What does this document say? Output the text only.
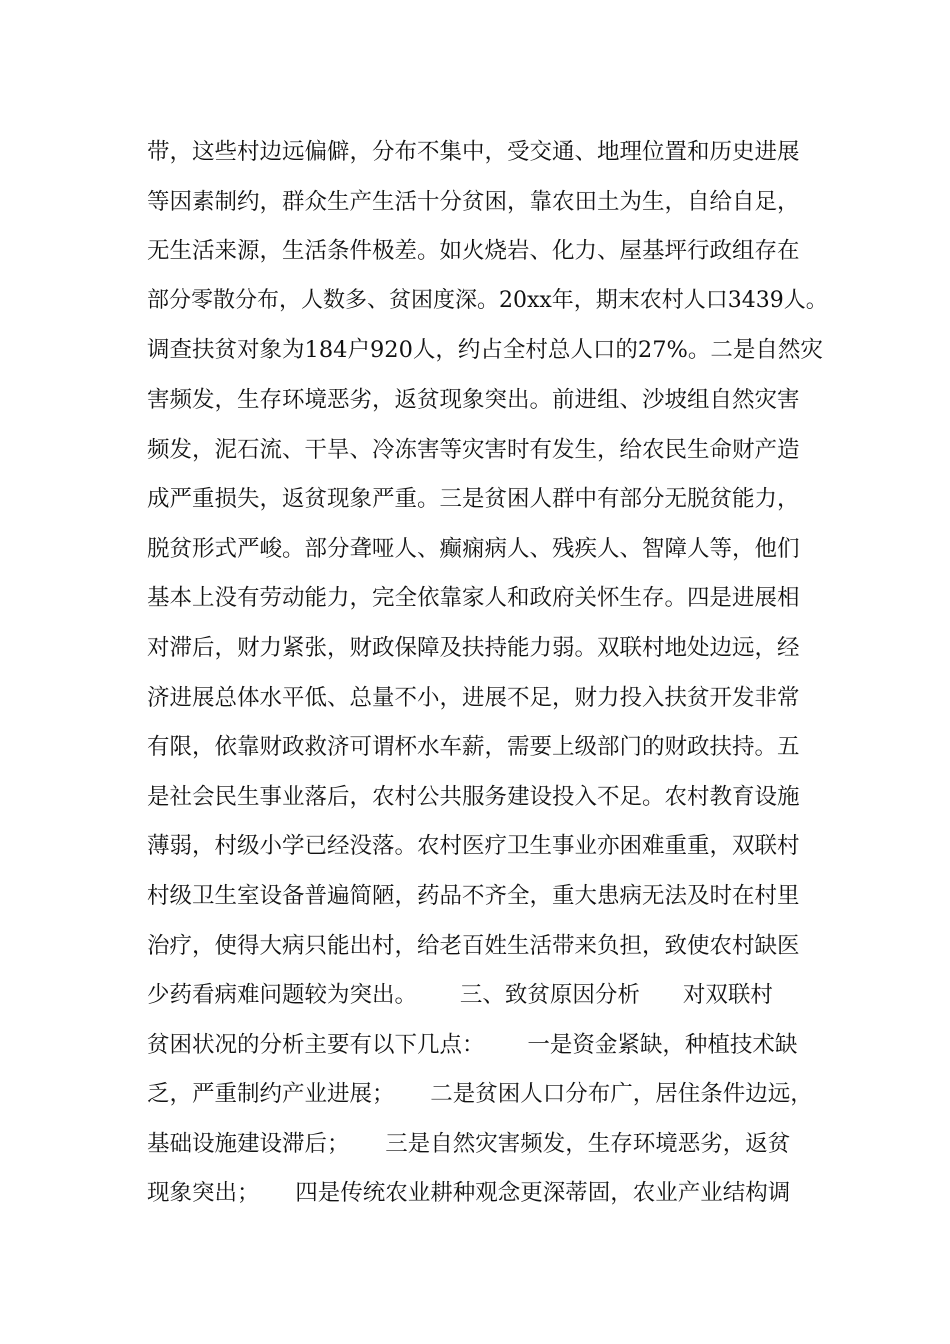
带，这些村边远偏僻，分布不集中，受交通、地理位置和历史进展
等因素制约，群众生产生活十分贫困，靠农田土为生，自给自足，
无生活来源，生活条件极差。如火烧岩、化力、屋基坪行政组存在
部分零散分布，人数多、贫困度深。20xx年，期末农村人口3439人。
调查扶贫对象为184户920人，约占全村总人口的27%。二是自然灾
害频发，生存环境恶劣，返贫现象突出。前进组、沙坡组自然灾害
频发，泥石流、干旱、冷冻害等灾害时有发生，给农民生命财产造
成严重损失，返贫现象严重。三是贫困人群中有部分无脱贫能力，
脱贫形式严峻。部分聋哑人、癫痫病人、残疾人、智障人等，他们
基本上没有劳动能力，完全依靠家人和政府关怀生存。四是进展相
对滞后，财力紧张，财政保障及扶持能力弱。双联村地处边远，经
济进展总体水平低、总量不小，进展不足，财力投入扶贫开发非常
有限，依靠财政救济可谓杯水车薪，需要上级部门的财政扶持。五
是社会民生事业落后，农村公共服务建设投入不足。农村教育设施
薄弱，村级小学已经没落。农村医疗卫生事业亦困难重重，双联村
村级卫生室设备普遍简陋，药品不齐全，重大患病无法及时在村里
治疗，使得大病只能出村，给老百姓生活带来负担，致使农村缺医
少药看病难问题较为突出。      三、致贫原因分析      对双联村
贫困状况的分析主要有以下几点：      一是资金紧缺，种植技术缺
乏，严重制约产业进展；     二是贫困人口分布广，居住条件边远，
基础设施建设滞后；     三是自然灾害频发，生存环境恶劣，返贫
现象突出；     四是传统农业耕种观念更深蒂固，农业产业结构调
